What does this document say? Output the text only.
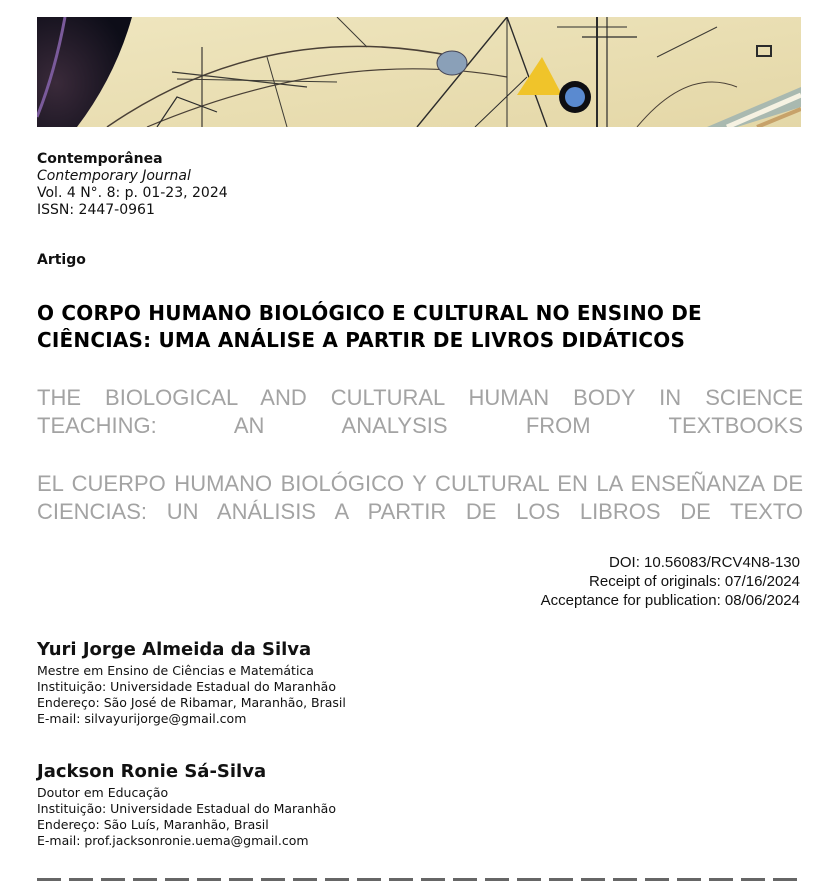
Contemporânea
Contemporary Journal
Vol. 4 N°. 8: p. 01-23, 2024
ISSN: 2447-0961
Artigo
O CORPO HUMANO BIOLÓGICO E CULTURAL NO ENSINO DE CIÊNCIAS: UMA ANÁLISE A PARTIR DE LIVROS DIDÁTICOS
THE BIOLOGICAL AND CULTURAL HUMAN BODY IN SCIENCE TEACHING: AN ANALYSIS FROM TEXTBOOKS
EL CUERPO HUMANO BIOLÓGICO Y CULTURAL EN LA ENSEÑANZA DE CIENCIAS: UN ANÁLISIS A PARTIR DE LOS LIBROS DE TEXTO
DOI: 10.56083/RCV4N8-130
Receipt of originals: 07/16/2024
Acceptance for publication: 08/06/2024
Yuri Jorge Almeida da Silva
Mestre em Ensino de Ciências e Matemática
Instituição: Universidade Estadual do Maranhão
Endereço: São José de Ribamar, Maranhão, Brasil
E-mail: silvayurijorge@gmail.com
Jackson Ronie Sá-Silva
Doutor em Educação
Instituição: Universidade Estadual do Maranhão
Endereço: São Luís, Maranhão, Brasil
E-mail: prof.jacksonronie.uema@gmail.com
